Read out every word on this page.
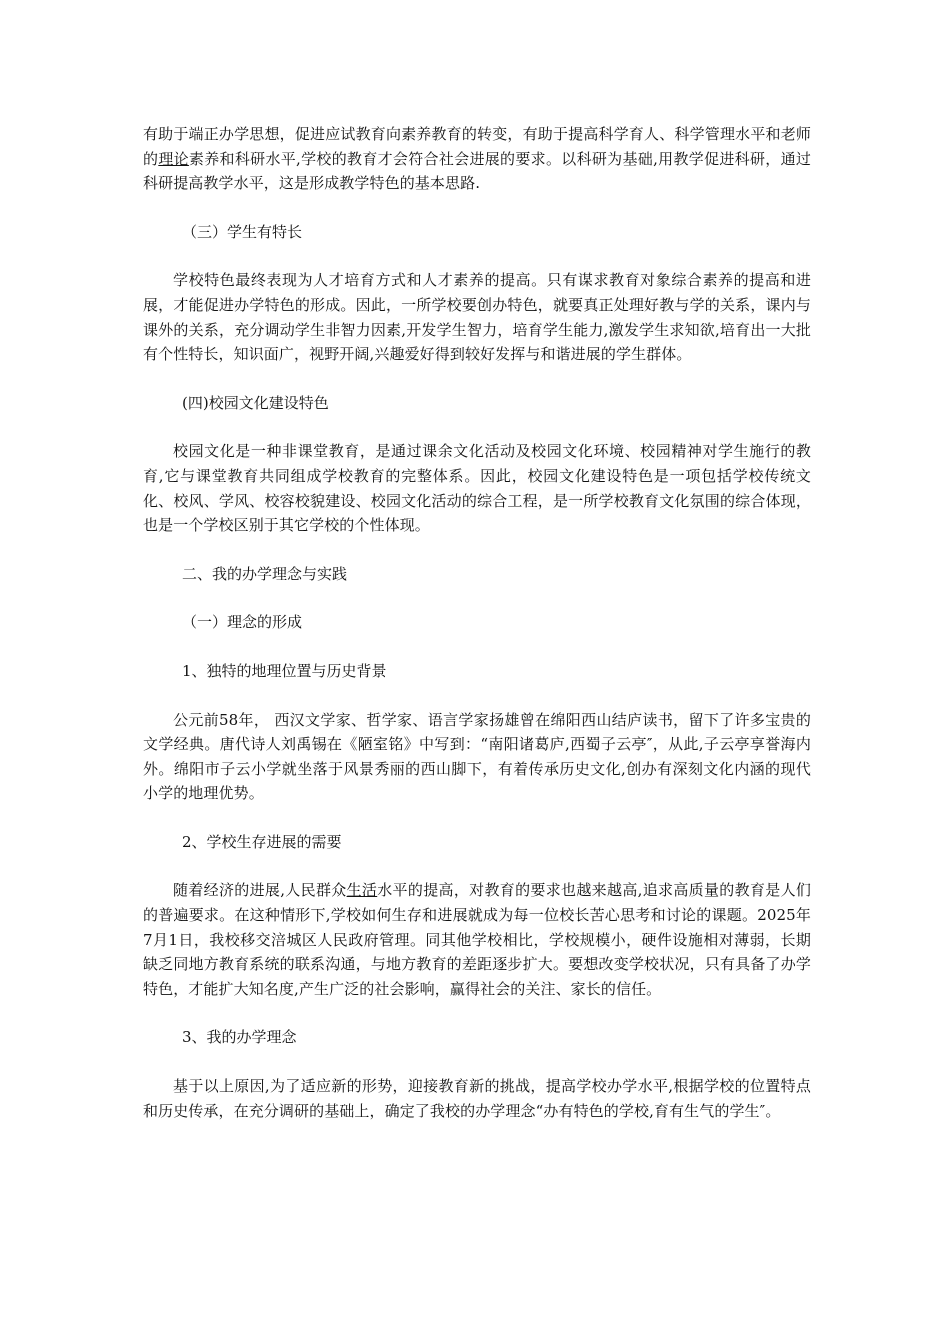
有助于端正办学思想，促进应试教育向素养教育的转变，有助于提高科学育人、科学管理水平和老师的理论素养和科研水平,学校的教育才会符合社会进展的要求。以科研为基础,用教学促进科研，通过科研提高教学水平，这是形成教学特色的基本思路.

（三）学生有特长

学校特色最终表现为人才培育方式和人才素养的提高。只有谋求教育对象综合素养的提高和进展，才能促进办学特色的形成。因此，一所学校要创办特色，就要真正处理好教与学的关系，课内与课外的关系，充分调动学生非智力因素,开发学生智力，培育学生能力,激发学生求知欲,培育出一大批有个性特长，知识面广，视野开阔,兴趣爱好得到较好发挥与和谐进展的学生群体。

(四)校园文化建设特色

校园文化是一种非课堂教育，是通过课余文化活动及校园文化环境、校园精神对学生施行的教育,它与课堂教育共同组成学校教育的完整体系。因此，校园文化建设特色是一项包括学校传统文化、校风、学风、校容校貌建设、校园文化活动的综合工程，是一所学校教育文化氛围的综合体现，也是一个学校区别于其它学校的个性体现。

二、我的办学理念与实践

（一）理念的形成

1、独特的地理位置与历史背景

公元前58年， 西汉文学家、哲学家、语言学家扬雄曾在绵阳西山结庐读书，留下了许多宝贵的文学经典。唐代诗人刘禹锡在《陋室铭》中写到：“南阳诸葛庐,西蜀子云亭″，从此,子云亭享誉海内外。绵阳市子云小学就坐落于风景秀丽的西山脚下，有着传承历史文化,创办有深刻文化内涵的现代小学的地理优势。

2、学校生存进展的需要

随着经济的进展,人民群众生活水平的提高，对教育的要求也越来越高,追求高质量的教育是人们的普遍要求。在这种情形下,学校如何生存和进展就成为每一位校长苦心思考和讨论的课题。2025年7月1日，我校移交涪城区人民政府管理。同其他学校相比，学校规模小，硬件设施相对薄弱，长期缺乏同地方教育系统的联系沟通，与地方教育的差距逐步扩大。要想改变学校状况，只有具备了办学特色，才能扩大知名度,产生广泛的社会影响，赢得社会的关注、家长的信任。

3、我的办学理念

基于以上原因,为了适应新的形势，迎接教育新的挑战，提高学校办学水平,根据学校的位置特点和历史传承，在充分调研的基础上，确定了我校的办学理念“办有特色的学校,育有生气的学生″。
